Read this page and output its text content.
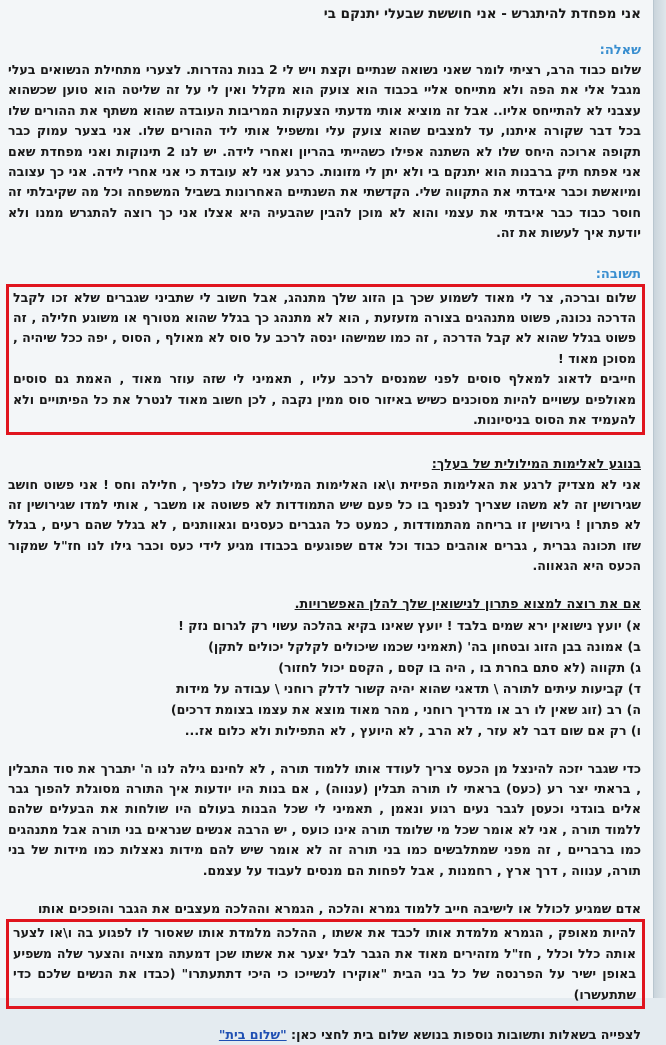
אני מפחדת להיתגרש - אני חוששת שבעלי יתנקם בי
שאלה:

שלום כבוד הרב, רציתי לומר שאני נשואה שנתיים וקצת ויש לי 2 בנות נהדרות. לצערי מתחילת הנשואים בעלי מגבל אלי את הפה ולא מתייחס אליי בכבוד הוא צועק הוא מקלל ואין לי על זה שליטה הוא טוען שכשהוא עצבני לא להתייחס אליו.. אבל זה מוציא אותי מדעתי הצעקות המריבות העובדה שהוא משתף את ההורים שלו בכל דבר שקורה איתנו, עד למצבים שהוא צועק עלי ומשפיל אותי ליד ההורים שלו. אני בצער עמוק כבר תקופה ארוכה היחס שלו לא השתנה אפילו כשהייתי בהריון ואחרי לידה. יש לנו 2 תינוקות ואני מפחדת שאם אני אפתח תיק ברבנות הוא יתנקם בי ולא יתן לי מזונות. כרגע אני לא עובדת כי אני אחרי לידה. אני כך עצובה ומיואשת וכבר איבדתי את התקווה שלי. הקדשתי את השנתיים האחרונות בשביל המשפחה וכל מה שקיבלתי זה חוסר כבוד כבר איבדתי את עצמי והוא לא מוכן להבין שהבעיה היא אצלו אני כך רוצה להתגרש ממנו ולא יודעת איך לעשות את זה.

תשובה:

שלום וברכה, צר לי מאוד לשמוע שכך בן הזוג שלך מתנהג, אבל חשוב לי שתביני שגברים שלא זכו לקבל הדרכה נכונה, פשוט מתנהגים בצורה מזעזעת , הוא לא מתנהג כך בגלל שהוא מטורף או משוגע חלילה , זה פשוט בגלל שהוא לא קבל הדרכה , זה כמו שמישהו ינסה לרכב על סוס לא מאולף , הסוס , יפה ככל שיהיה , מסוכן מאוד !

חייבים לדאוג למאלף סוסים לפני שמנסים לרכב עליו , תאמיני לי שזה עוזר מאוד , האמת גם סוסים מאולפים עשויים להיות מסוכנים כשיש באיזור סוס ממין נקבה , לכן חשוב מאוד לנטרל את כל הפיתויים ולא להעמיד את הסוס בניסיונות.

בנוגע לאלימות המילולית של בעלך:

אני לא מצדיק לרגע את האלימות הפיזית ו\או האלימות המילולית שלו כלפיך , חלילה וחס ! אני פשוט חושב שגירושין זה לא משהו שצריך לנפנף בו כל פעם שיש התמודדות לא פשוטה או משבר , אותי למדו שגירושין זה לא פתרון ! גירושין זו בריחה מהתמודדות , כמעט כל הגברים כעסנים וגאוותנים , לא בגלל שהם רעים , בגלל שזו תכונה גברית , גברים אוהבים כבוד וכל אדם שפוגעים בכבודו מגיע לידי כעס וכבר גילו לנו חז"ל שמקור הכעס היא הגאווה.

אם את רוצה למצוא פתרון לנישואין שלך להלן האפשרויות.
א) יועץ נישואין ירא שמים בלבד ! יועץ שאינו בקיא בהלכה עשוי רק לגרום נזק !
ב) אמונה בבן הזוג ובטחון בה' (תאמיני שכמו שיכולים לקלקל יכולים לתקן)
ג) תקווה (לא סתם בחרת בו , היה בו קסם , הקסם יכול לחזור)
ד) קביעות עיתים לתורה \ תדאגי שהוא יהיה קשור לדלק רוחני \ עבודה על מידות
ה) רב (זוג שאין לו רב או מדריך רוחני , מהר מאוד מוצא את עצמו בצומת דרכים)
ו) רק אם שום דבר לא עזר , לא הרב , לא היועץ , לא התפילות ולא כלום אז...

כדי שגבר יזכה להינצל מן הכעס צריך לעודד אותו ללמוד תורה , לא לחינם גילה לנו ה' יתברך את סוד התבלין , בראתי יצר רע (כעס) בראתי לו תורה תבלין (ענווה) , אם בנות היו יודעות איך התורה מסוגלת להפוך גבר אלים בוגדני וכעסן לגבר נעים רגוע ונאמן , תאמיני לי שכל הבנות בעולם היו שולחות את הבעלים שלהם ללמוד תורה , אני לא אומר שכל מי שלומד תורה אינו כועס , יש הרבה אנשים שנראים בני תורה אבל מתנהגים כמו ברבריים , זה מפני שמתלבשים כמו בני תורה זה לא אומר שיש להם מידות נאצלות כמו מידות של בני תורה, ענווה , דרך ארץ , רחמנות , אבל לפחות הם מנסים לעבוד על עצמם.

אדם שמגיע לכולל או לישיבה חייב ללמוד גמרא והלכה , הגמרא וההלכה מעצבים את הגבר והופכים אותו

להיות מאופק , הגמרא מלמדת אותו לכבד את אשתו , ההלכה מלמדת אותו שאסור לו לפגוע בה ו\או לצער אותה כלל וכלל , חז"ל מזהירים מאוד את הגבר לבל יצער את אשתו שכן דמעתה מצויה והצער שלה משפיע באופן ישיר על הפרנסה של כל בני הבית "אוקירו לנשייכו כי היכי דתתעתרו" (כבדו את הנשים שלכם כדי שתתעשרו)

לצפייה בשאלות ותשובות נוספות בנושא שלום בית לחצי כאן: "שלום בית"
